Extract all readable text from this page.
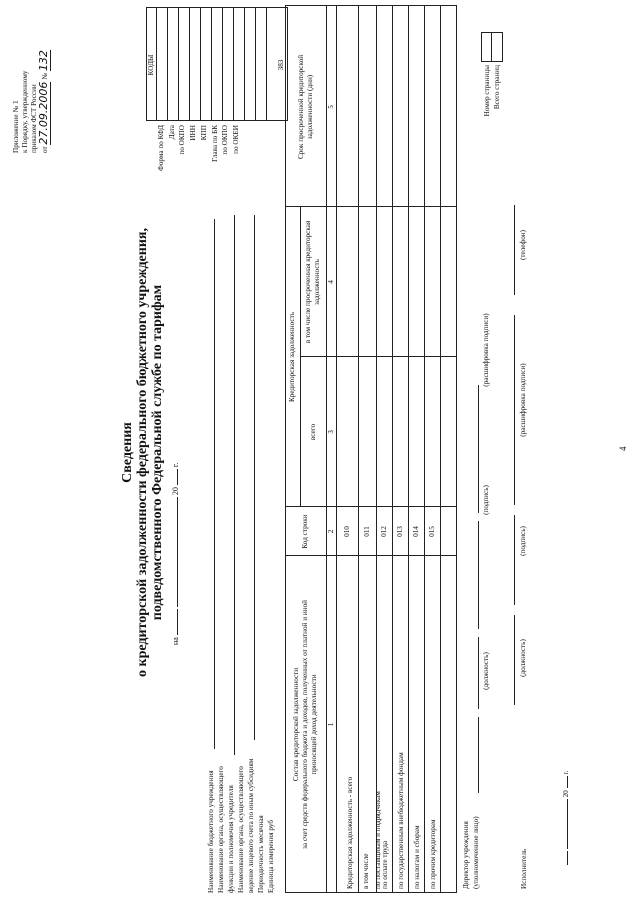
Приложение № 1 к Порядку, утвержденному приказом ФСТ России от 27.09.2006 № 132
Сведения о кредиторской задолженности федерального бюджетного учреждения, подведомственного Федеральной службе по тарифам
на   20  г.
Форма по КФД Дата по ОКПО ИНН КПП Глава по БК по ОКПО по ОКЕИ
КОДЫ	383
Наименование бюджетного учреждения Наименование органа, осуществляющего функции и полномочия учредителя Наименование органа, осуществляющего ведение лицевого счета по иным субсидиям Периодичность месячная Единица измерения руб
Состав кредиторской задолженности за счет средств федерального бюджета и доходов, полученных от платной и иной приносящей доход деятельности
Код строки
Кредиторская задолженность
всего
в том числе просроченная кредиторская задолженность
Срок просроченной кредиторской задолженности (дни)
1
2
3
4
5
Кредиторская задолженность - всего
010
в том числе по поставщикам и подрядчикам
011
по оплате труда
012
по государственным внебюджетным фондам
013
по налогам и сборам
014
по прочим кредиторам
015
Директор учреждения (уполномоченное лицо)
(должность)
(подпись)
(расшифровка подписи)
Исполнитель
(должность)
(подпись)
(расшифровка подписи)
(телефон)
20  г.
Номер страницы Всего страниц
4
